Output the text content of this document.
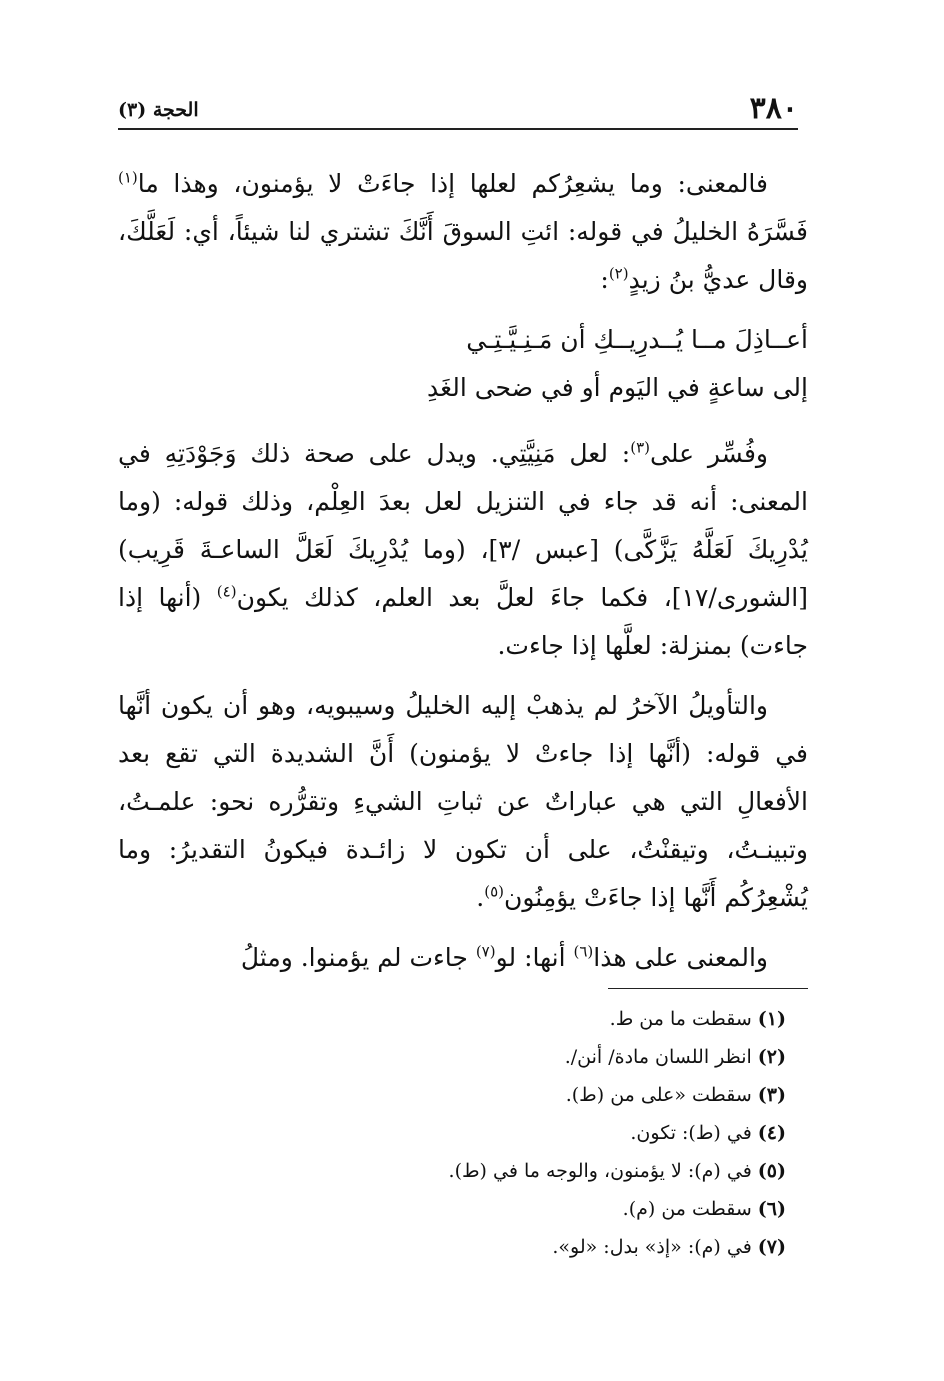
٣٨٠
الحجة (٣)

فالمعنى: وما يشعِرُكم لعلها إذا جاءَتْ لا يؤمنون، وهذا ما$^{(١)}$ فَسَّرَهُ الخليلُ في قوله: ائتِ السوقَ أَنَّكَ تشتري لنا شيئاً، أي: لَعَلَّكَ، وقال عديُّ بنُ زيدٍ$^{(٢)}$:

أعــاذِلَ مــا يُــدرِيــكِ أن مَـنِـيَّـتِـي
إلى ساعةٍ في اليَوم أو في ضحى الغَدِ

وفُسِّر على$^{(٣)}$: لعل مَنِيَّتِي. ويدل على صحة ذلك وَجَوْدَتِهِ في المعنى: أنه قد جاء في التنزيل لعل بعدَ العِلْم، وذلك قوله: (وما يُدْرِيكَ لَعَلَّهُ يَزَّكَّى) [عبس /٣]، (وما يُدْرِيكَ لَعَلَّ الساعـةَ قَرِيب) [الشورى/١٧]، فكما جاءَ لعلَّ بعد العلم، كذلك يكون$^{(٤)}$ (أنها إذا جاءت) بمنزلة: لعلَّها إذا جاءت.

والتأويلُ الآخرُ لم يذهبْ إليه الخليلُ وسيبويه، وهو أن يكون أنَّها في قوله: (أنَّها إذا جاءتْ لا يؤمنون) أَنَّ الشديدة التي تقع بعد الأفعالِ التي هي عباراتٌ عن ثباتِ الشيءِ وتقرُّره نحو: علمـتُ، وتبينـتُ، وتيقنْتُ، على أن تكون لا زائـدة فيكونُ التقديرُ: وما يُشْعِرُكُم أَنَّها إذا جاءَتْ يؤمِنُون$^{(٥)}$.

والمعنى على هذا$^{(٦)}$ أنها: لو$^{(٧)}$ جاءت لم يؤمنوا. ومثلُ

(١)سقطت ما من ط.
(٢)انظر اللسان مادة/ أنن/.
(٣)سقطت «على من (ط).
(٤)في (ط): تكون.
(٥)في (م): لا يؤمنون، والوجه ما في (ط).
(٦)سقطت من (م).
(٧)في (م): «إذ» بدل: «لو».
